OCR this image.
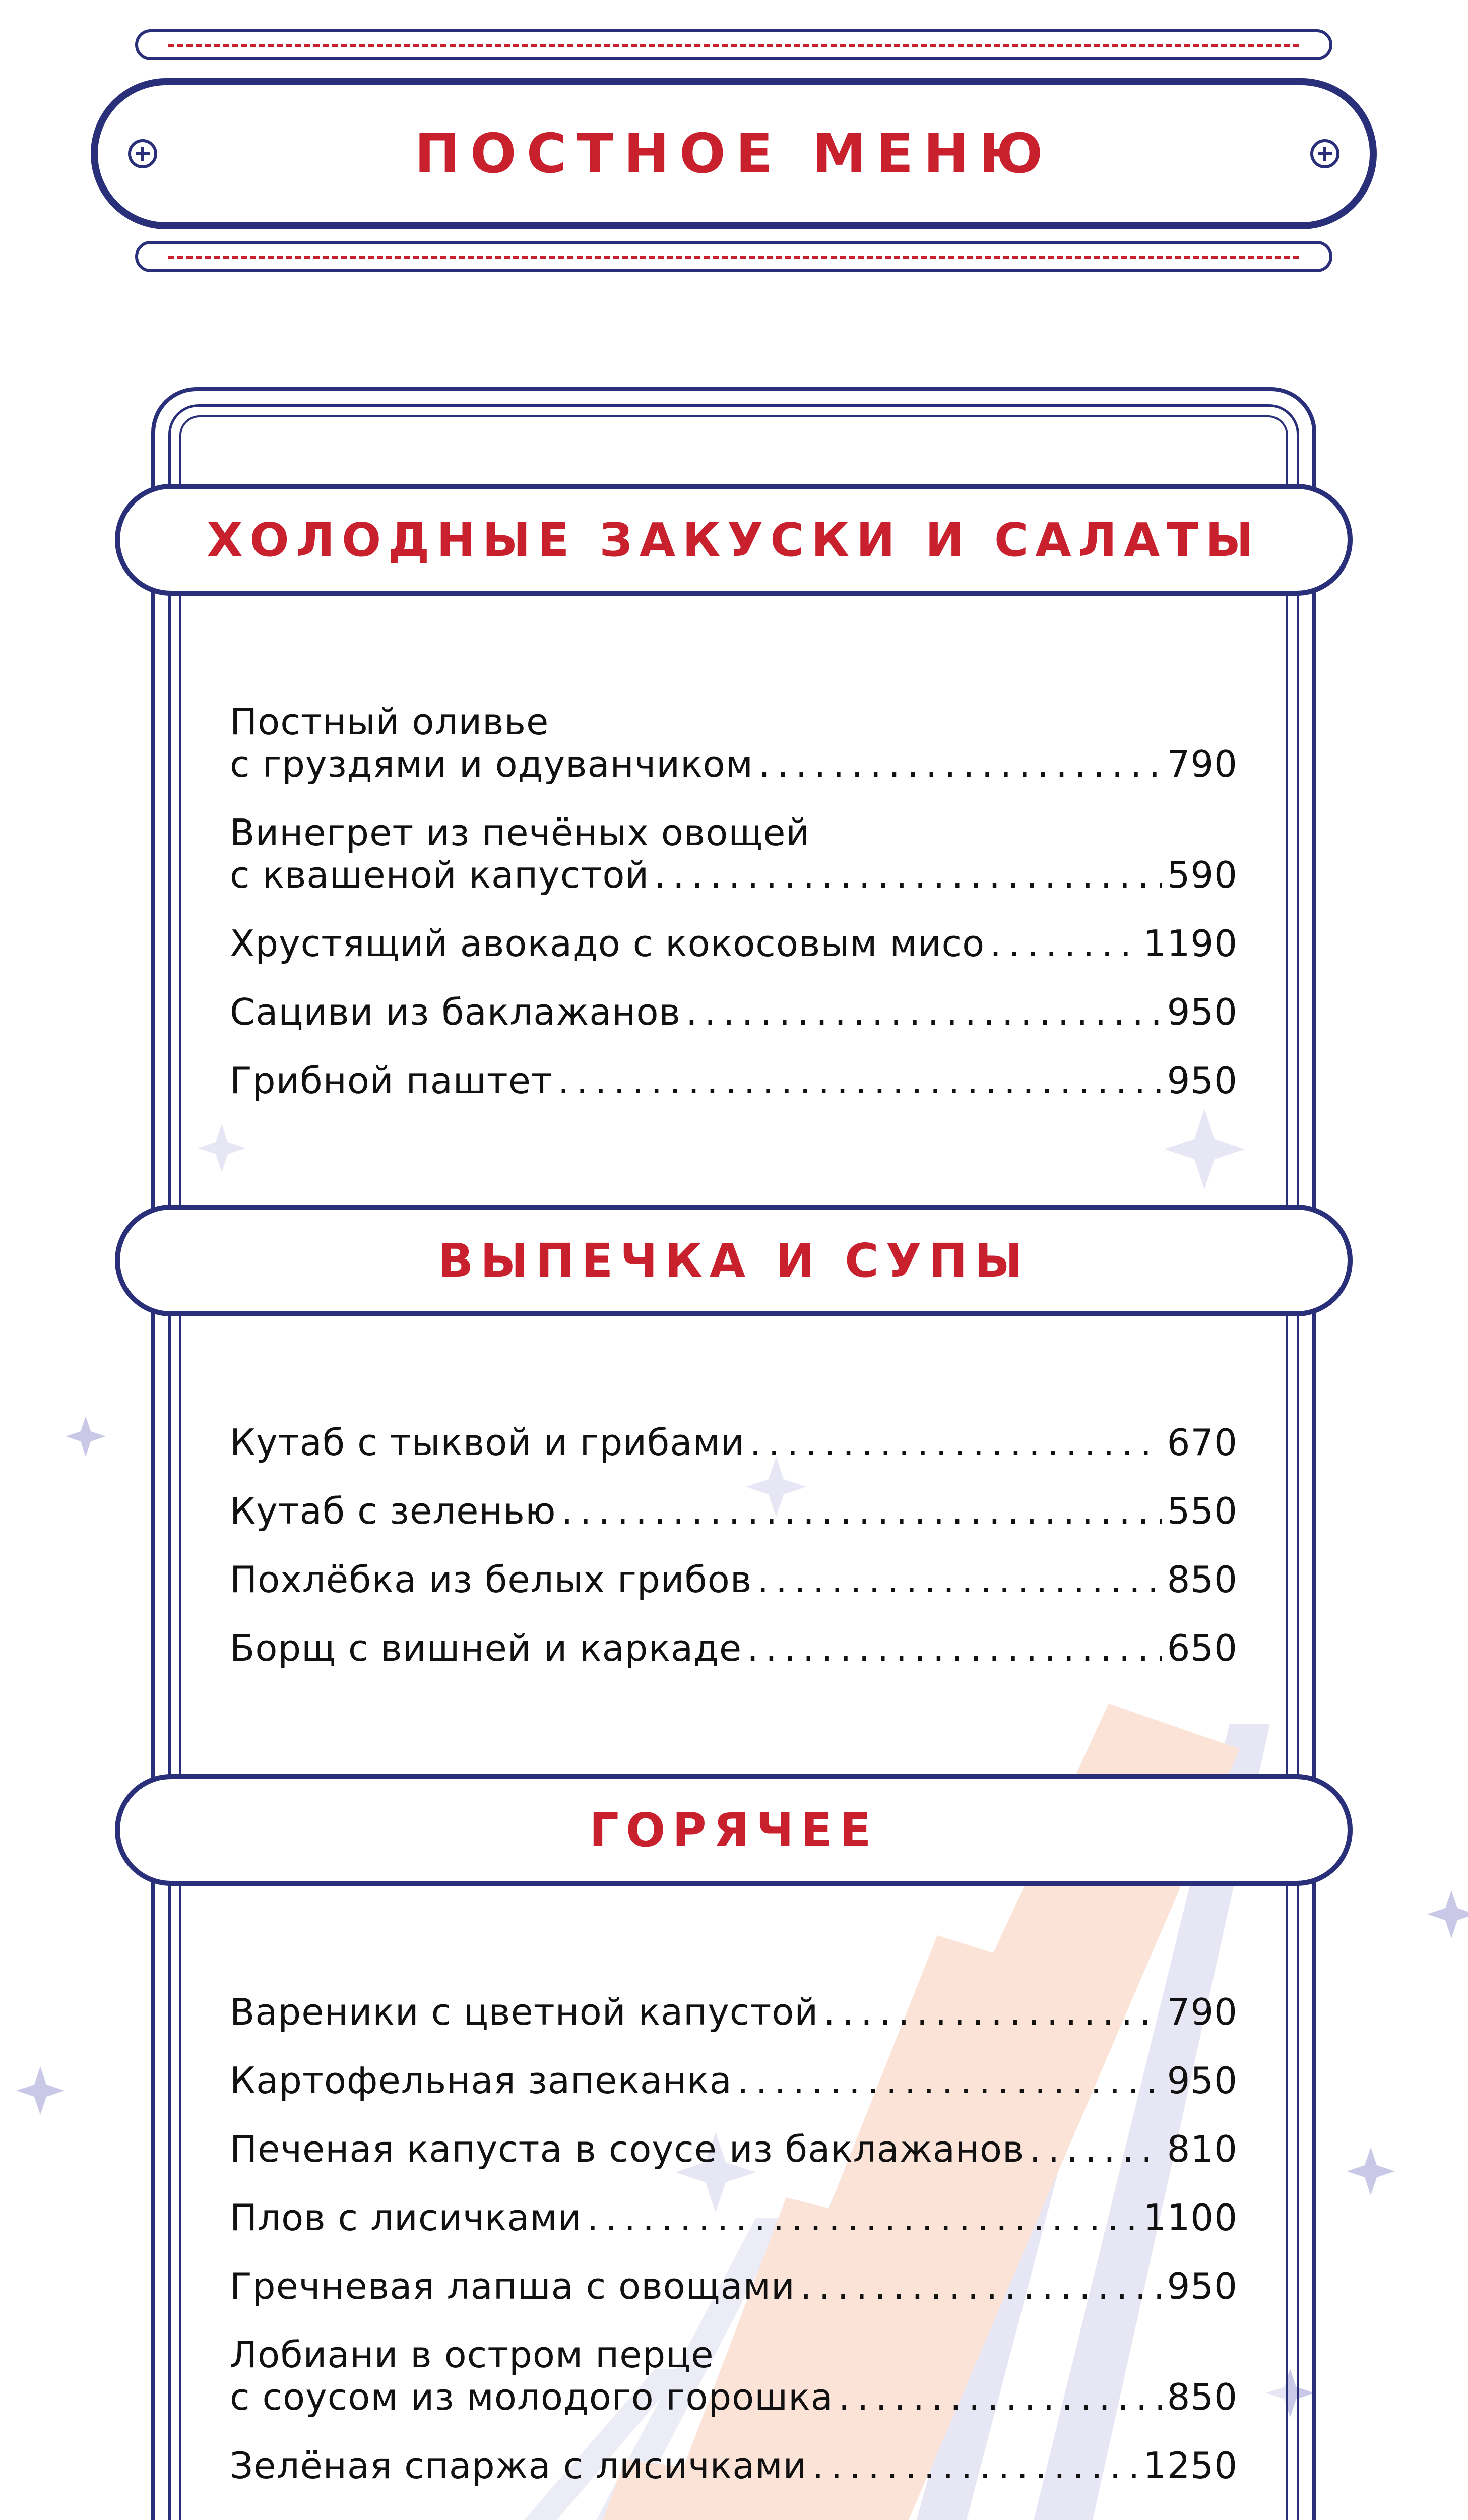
ПОСТНОЕ МЕНЮ
ХОЛОДНЫЕ ЗАКУСКИ И САЛАТЫ
Постный оливье
с груздями и одуванчиком .....	790
Винегрет из печёных овощей
с квашеной капустой .....	590
Хрустящий авокадо с кокосовым мисо .....	1190
Сациви из баклажанов .....	950
Грибной паштет .....	950
ВЫПЕЧКА И СУПЫ
Кутаб с тыквой и грибами .....	670
Кутаб с зеленью .....	550
Похлёбка из белых грибов .....	850
Борщ с вишней и каркаде .....	650
ГОРЯЧЕЕ
Вареники с цветной капустой .....	790
Картофельная запеканка .....	950
Печеная капуста в соусе из баклажанов .....	810
Плов с лисичками .....	1100
Гречневая лапша с овощами .....	950
Лобиани в остром перце
с соусом из молодого горошка .....	850
Зелёная спаржа с лисичками .....	1250
